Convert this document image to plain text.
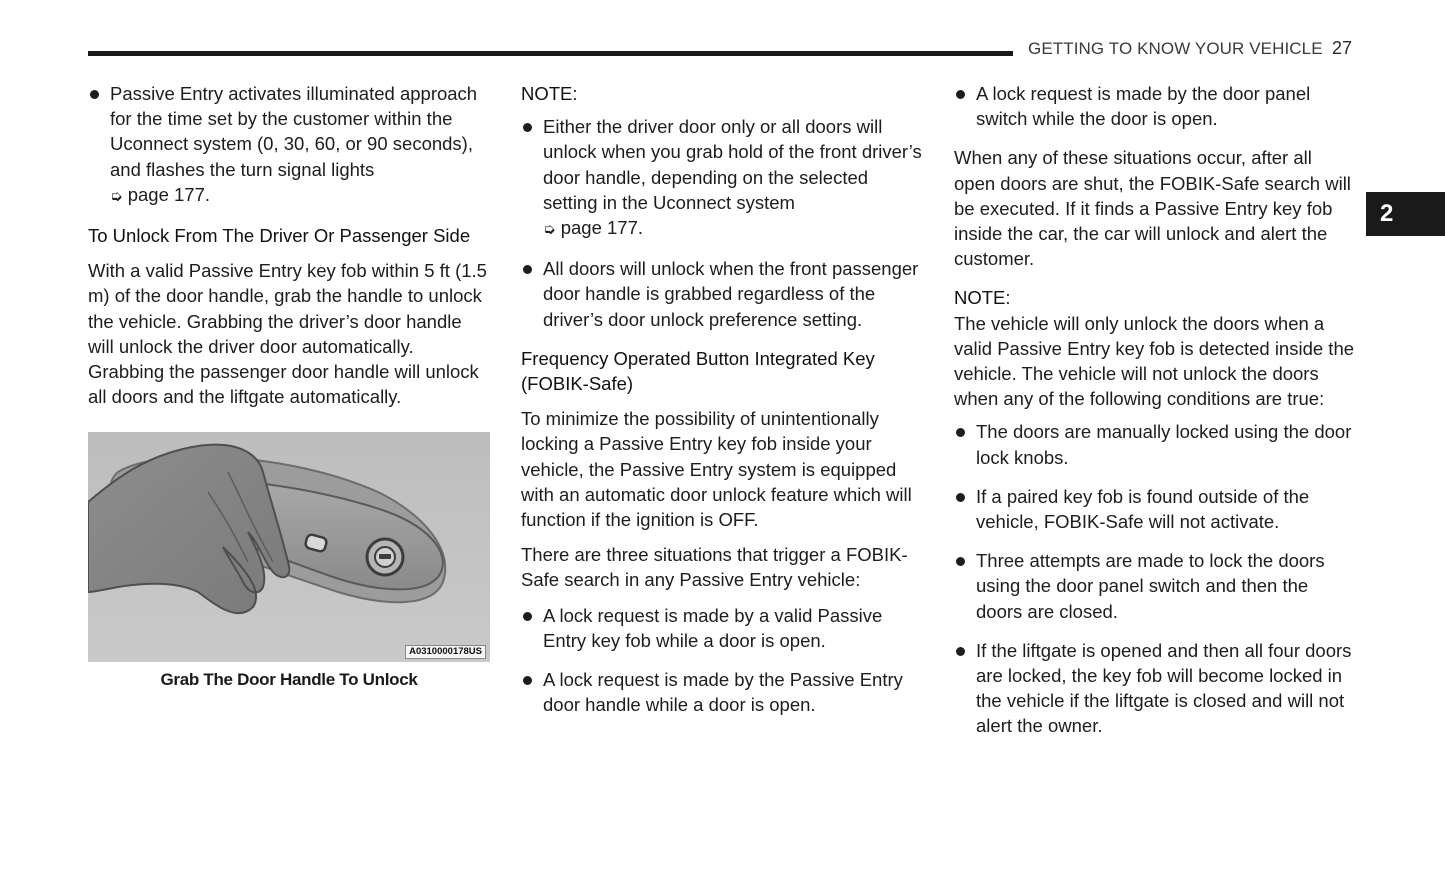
GETTING TO KNOW YOUR VEHICLE 27
2
Passive Entry activates illuminated approach for the time set by the customer within the Uconnect system (0, 30, 60, or 90 seconds), and flashes the turn signal lights
➭ page 177.

To Unlock From The Driver Or Passenger Side

With a valid Passive Entry key fob within 5 ft (1.5 m) of the door handle, grab the handle to unlock the vehicle. Grabbing the driver’s door handle will unlock the driver door automatically. Grabbing the passenger door handle will unlock all doors and the liftgate automatically.

A0310000178US
Grab The Door Handle To Unlock

NOTE:

Either the driver door only or all doors will unlock when you grab hold of the front driver’s door handle, depending on the selected setting in the Uconnect system
➭ page 177.
All doors will unlock when the front passenger door handle is grabbed regardless of the driver’s door unlock preference setting.

Frequency Operated Button Integrated Key (FOBIK-Safe)

To minimize the possibility of unintentionally locking a Passive Entry key fob inside your vehicle, the Passive Entry system is equipped with an automatic door unlock feature which will function if the ignition is OFF.

There are three situations that trigger a FOBIK-Safe search in any Passive Entry vehicle:

A lock request is made by a valid Passive Entry key fob while a door is open.
A lock request is made by the Passive Entry door handle while a door is open.
A lock request is made by the door panel switch while the door is open.

When any of these situations occur, after all open doors are shut, the FOBIK-Safe search will be executed. If it finds a Passive Entry key fob inside the car, the car will unlock and alert the customer.

NOTE:

The vehicle will only unlock the doors when a valid Passive Entry key fob is detected inside the vehicle. The vehicle will not unlock the doors when any of the following conditions are true:

The doors are manually locked using the door lock knobs.
If a paired key fob is found outside of the vehicle, FOBIK-Safe will not activate.
Three attempts are made to lock the doors using the door panel switch and then the doors are closed.
If the liftgate is opened and then all four doors are locked, the key fob will become locked in the vehicle if the liftgate is closed and will not alert the owner.
